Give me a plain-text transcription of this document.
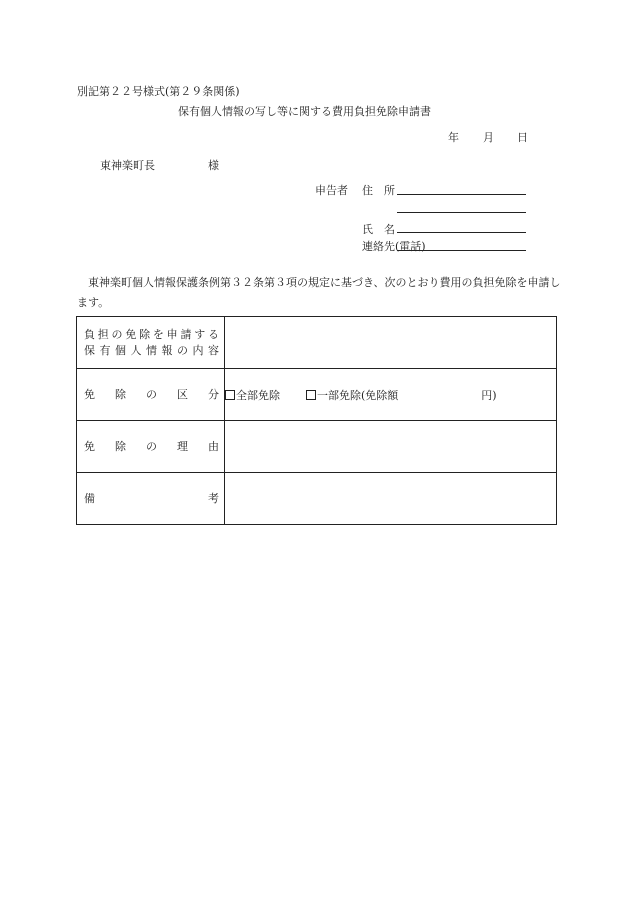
別記第２２号様式(第２９条関係)
保有個人情報の写し等に関する費用負担免除申請書
年 月 日
東神楽町長	様
申告者 住　所
氏　名
連絡先(電話)
東神楽町個人情報保護条例第３２条第３項の規定に基づき、次のとおり費用の負担免除を申請します。
負担の免除を申請する
保有個人情報の内容	

免除の区分	全部免除 一部免除(免除額 円)

免除の理由	

備考	
